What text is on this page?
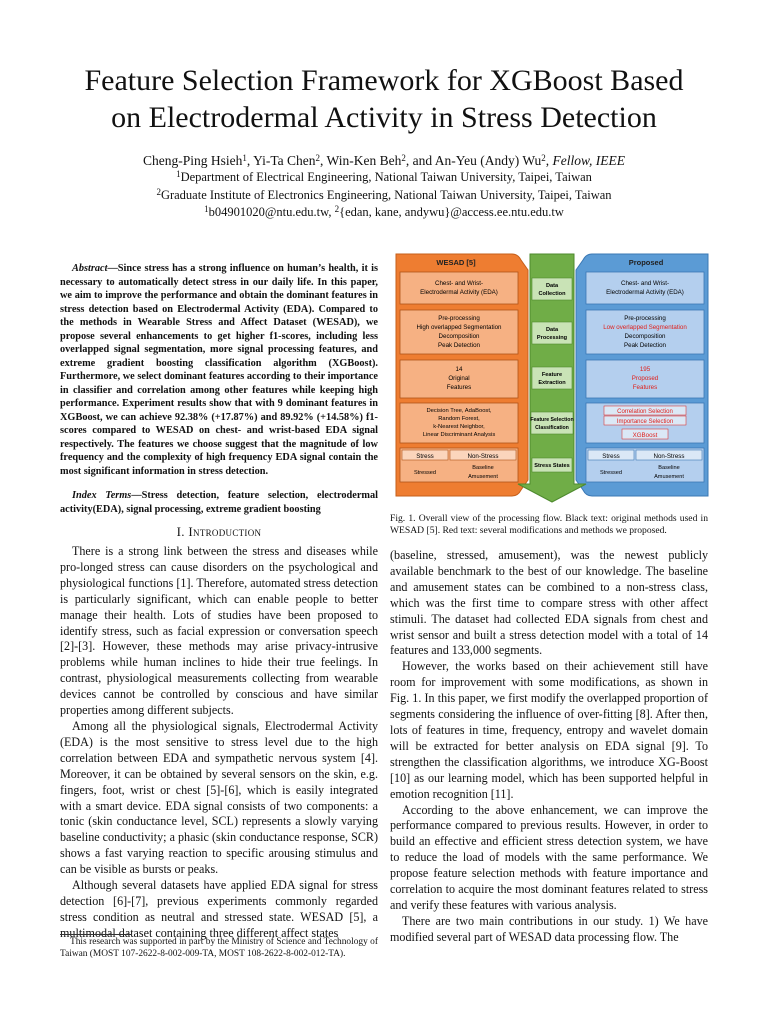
Feature Selection Framework for XGBoost Based
on Electrodermal Activity in Stress Detection
Cheng-Ping Hsieh$^1$, Yi-Ta Chen$^2$, Win-Ken Beh$^2$, and An-Yeu (Andy) Wu$^2$, Fellow, IEEE
$^1$Department of Electrical Engineering, National Taiwan University, Taipei, Taiwan
$^2$Graduate Institute of Electronics Engineering, National Taiwan University, Taipei, Taiwan
$^1$b04901020@ntu.edu.tw, $^2${edan, kane, andywu}@access.ee.ntu.edu.tw
Abstract—Since stress has a strong influence on human’s health, it is necessary to automatically detect stress in our daily life. In this paper, we aim to improve the performance and obtain the dominant features in stress detection based on Electrodermal Activity (EDA). Compared to the methods in Wearable Stress and Affect Dataset (WESAD), we propose several enhancements to get higher f1-scores, including less overlapped signal segmentation, more signal processing features, and extreme gradient boosting classification algorithm (XGBoost). Furthermore, we select dominant features according to their importance in classifier and correlation among other features while keeping high performance. Experiment results show that with 9 dominant features in XGBoost, we can achieve 92.38% (+17.87%) and 89.92% (+14.58%) f1-scores compared to WESAD on chest- and wrist-based EDA signal respectively. The features we choose suggest that the magnitude of low frequency and the complexity of high frequency EDA signal contain the most significant information in stress detection.
Index Terms—Stress detection, feature selection, electrodermal activity(EDA), signal processing, extreme gradient boosting
I. Introduction

There is a strong link between the stress and diseases while pro-longed stress can cause disorders on the psychological and physiological functions [1]. Therefore, automated stress detection is particularly significant, which can enable people to better manage their health. Lots of studies have been proposed to identify stress, such as facial expression or conversation speech [2]-[3]. However, these methods may arise privacy-intrusive problems while human inclines to hide their true feelings. In contrast, physiological measurements collecting from wearable devices cannot be controlled by conscious and have similar properties among different subjects.

Among all the physiological signals, Electrodermal Activity (EDA) is the most sensitive to stress level due to the high correlation between EDA and sympathetic nervous system [4]. Moreover, it can be obtained by several sensors on the skin, e.g. fingers, foot, wrist or chest [5]-[6], which is easily integrated with a smart device. EDA signal consists of two components: a tonic (skin conductance level, SCL) represents a slowly varying baseline conductivity; a phasic (skin conductance response, SCR) shows a fast varying reaction to specific arousing stimulus and can be visible as bursts or peaks.

Although several datasets have applied EDA signal for stress detection [6]-[7], previous experiments commonly regarded stress condition as neutral and stressed state. WESAD [5], a multimodal dataset containing three different affect states

This research was supported in part by the Ministry of Science and Technology of Taiwan (MOST 107-2622-8-002-009-TA, MOST 108-2622-8-002-012-TA).
WESAD [5]	Proposed
Chest- and Wrist-
Electrodermal Activity (EDA)
Pre-processing
High overlapped Segmentation
Decomposition
Peak Detection
14
Original
Features
Decision Tree, AdaBoost,
Random Forest,
k-Nearest Neighbor,
Linear Discriminant Analysis
Stress	Non-Stress
Stressed
Baseline
Amusement
Data
Collection
Data
Processing
Feature
Extraction
Feature Selection
Classification
Stress States
Chest- and Wrist-
Electrodermal Activity (EDA)
Pre-processing
Low overlapped Segmentation
Decomposition
Peak Detection
195
Proposed
Features
Correlation Selection
Importance Selection
XGBoost
Stress	Non-Stress
Stressed
Baseline
Amusement
Fig. 1. Overall view of the processing flow. Black text: original methods used in WESAD [5]. Red text: several modifications and methods we proposed.

(baseline, stressed, amusement), was the newest publicly available benchmark to the best of our knowledge. The baseline and amusement states can be combined to a non-stress class, which was the first time to compare stress with other affect stimuli. The dataset had collected EDA signals from chest and wrist sensor and built a stress detection model with a total of 14 features and 133,000 segments.

However, the works based on their achievement still have room for improvement with some modifications, as shown in Fig. 1. In this paper, we first modify the overlapped proportion of segments considering the influence of over-fitting [8]. After then, lots of features in time, frequency, entropy and wavelet domain will be extracted for better analysis on EDA signal [9]. To strengthen the classification algorithms, we introduce XG-Boost [10] as our learning model, which has been supported helpful in emotion recognition [11].

According to the above enhancement, we can improve the performance compared to previous results. However, in order to build an effective and efficient stress detection system, we have to reduce the load of models with the same performance. We propose feature selection methods with feature importance and correlation to acquire the most dominant features related to stress and verify these features with various analysis.

There are two main contributions in our study. 1) We have modified several part of WESAD data processing flow. The
